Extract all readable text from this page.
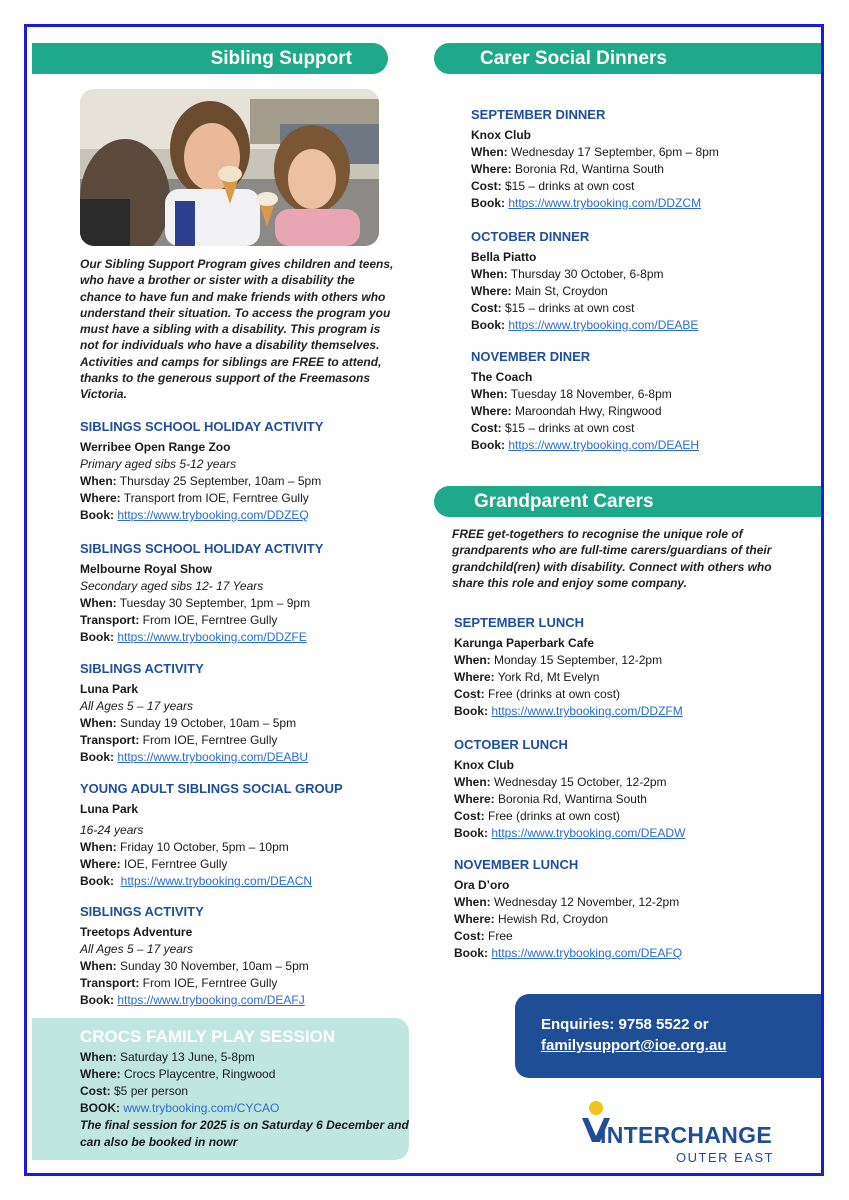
Sibling Support
Our Sibling Support Program gives children and teens, who have a brother or sister with a disability the chance to have fun and make friends with others who understand their situation. To access the program you must have a sibling with a disability. This program is not for individuals who have a disability themselves. Activities and camps for siblings are FREE to attend, thanks to the generous support of the Freemasons Victoria.
SIBLINGS SCHOOL HOLIDAY ACTIVITY
Werribee Open Range Zoo
Primary aged sibs 5-12 years
When: Thursday 25 September, 10am – 5pm
Where: Transport from IOE, Ferntree Gully
Book: https://www.trybooking.com/DDZEQ
SIBLINGS SCHOOL HOLIDAY ACTIVITY
Melbourne Royal Show
Secondary aged sibs 12- 17 Years
When: Tuesday 30 September, 1pm – 9pm
Transport: From IOE, Ferntree Gully
Book: https://www.trybooking.com/DDZFE
SIBLINGS ACTIVITY
Luna Park
All Ages 5 – 17 years
When: Sunday 19 October, 10am – 5pm
Transport: From IOE, Ferntree Gully
Book: https://www.trybooking.com/DEABU
YOUNG ADULT SIBLINGS SOCIAL GROUP
Luna Park
16-24 years
When: Friday 10 October, 5pm – 10pm
Where: IOE, Ferntree Gully
Book: https://www.trybooking.com/DEACN
SIBLINGS ACTIVITY
Treetops Adventure
All Ages 5 – 17 years
When: Sunday 30 November, 10am – 5pm
Transport: From IOE, Ferntree Gully
Book: https://www.trybooking.com/DEAFJ
CROCS FAMILY PLAY SESSION
When: Saturday 13 June, 5-8pm
Where: Crocs Playcentre, Ringwood
Cost: $5 per person
BOOK: www.trybooking.com/CYCAO
The final session for 2025 is on Saturday 6 December and can also be booked in nowr
Carer Social Dinners
SEPTEMBER DINNER
Knox Club
When: Wednesday 17 September, 6pm – 8pm
Where: Boronia Rd, Wantirna South
Cost: $15 – drinks at own cost
Book: https://www.trybooking.com/DDZCM
OCTOBER DINNER
Bella Piatto
When: Thursday 30 October, 6-8pm
Where: Main St, Croydon
Cost: $15 – drinks at own cost
Book: https://www.trybooking.com/DEABE
NOVEMBER DINER
The Coach
When: Tuesday 18 November, 6-8pm
Where: Maroondah Hwy, Ringwood
Cost: $15 – drinks at own cost
Book: https://www.trybooking.com/DEAEH
Grandparent Carers
FREE get-togethers to recognise the unique role of grandparents who are full-time carers/guardians of their grandchild(ren) with disability. Connect with others who share this role and enjoy some company.
SEPTEMBER LUNCH
Karunga Paperbark Cafe
When: Monday 15 September, 12-2pm
Where: York Rd, Mt Evelyn
Cost: Free (drinks at own cost)
Book: https://www.trybooking.com/DDZFM
OCTOBER LUNCH
Knox Club
When: Wednesday 15 October, 12-2pm
Where: Boronia Rd, Wantirna South
Cost: Free (drinks at own cost)
Book: https://www.trybooking.com/DEADW
NOVEMBER LUNCH
Ora D’oro
When: Wednesday 12 November, 12-2pm
Where: Hewish Rd, Croydon
Cost: Free
Book: https://www.trybooking.com/DEAFQ
Enquiries: 9758 5522 or
familysupport@ioe.org.au
INTERCHANGE
OUTER EAST
